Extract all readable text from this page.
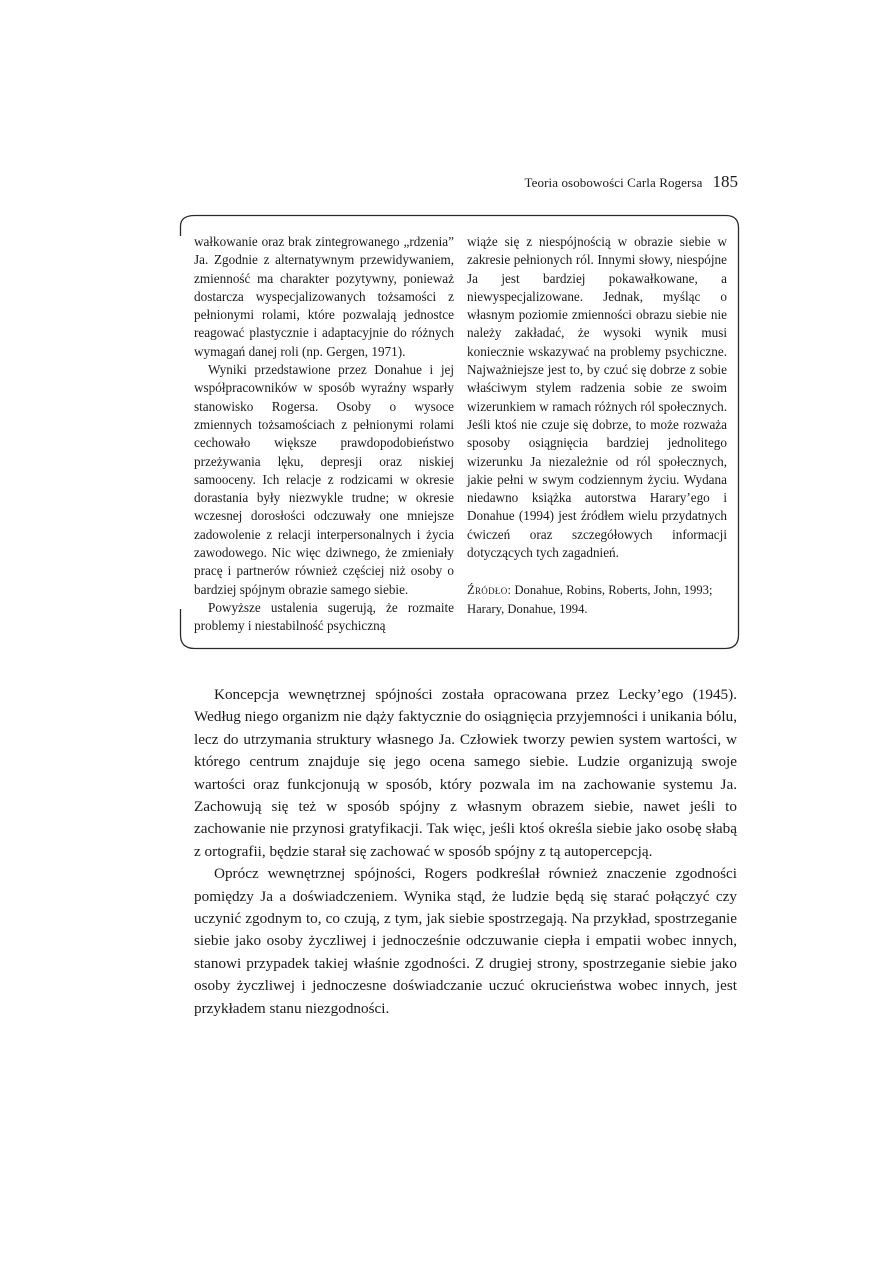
Teoria osobowości Carla Rogersa 185

wałkowanie oraz brak zintegrowanego „rdzenia” Ja. Zgodnie z alternatywnym przewidywaniem, zmienność ma charakter pozytywny, ponieważ dostarcza wyspecjalizowanych tożsamości z pełnionymi rolami, które pozwalają jednostce reagować plastycznie i adaptacyjnie do różnych wymagań danej roli (np. Gergen, 1971).

Wyniki przedstawione przez Donahue i jej współpracowników w sposób wyraźny wsparły stanowisko Rogersa. Osoby o wysoce zmiennych tożsamościach z pełnionymi rolami cechowało większe prawdopodobieństwo przeżywania lęku, depresji oraz niskiej samooceny. Ich relacje z rodzicami w okresie dorastania były niezwykle trudne; w okresie wczesnej dorosłości odczuwały one mniejsze zadowolenie z relacji interpersonalnych i życia zawodowego. Nic więc dziwnego, że zmieniały pracę i partnerów również częściej niż osoby o bardziej spójnym obrazie samego siebie.

Powyższe ustalenia sugerują, że rozmaite problemy i niestabilność psychiczną

wiąże się z niespójnością w obrazie siebie w zakresie pełnionych ról. Innymi słowy, niespójne Ja jest bardziej pokawałkowane, a niewyspecjalizowane. Jednak, myśląc o własnym poziomie zmienności obrazu siebie nie należy zakładać, że wysoki wynik musi koniecznie wskazywać na problemy psychiczne. Najważniejsze jest to, by czuć się dobrze z sobie właściwym stylem radzenia sobie ze swoim wizerunkiem w ramach różnych ról społecznych. Jeśli ktoś nie czuje się dobrze, to może rozważa sposoby osiągnięcia bardziej jednolitego wizerunku Ja niezależnie od ról społecznych, jakie pełni w swym codziennym życiu. Wydana niedawno książka autorstwa Harary’ego i Donahue (1994) jest źródłem wielu przydatnych ćwiczeń oraz szczegółowych informacji dotyczących tych zagadnień.

Źródło: Donahue, Robins, Roberts, John, 1993; Harary, Donahue, 1994.

Koncepcja wewnętrznej spójności została opracowana przez Lecky’ego (1945). Według niego organizm nie dąży faktycznie do osiągnięcia przyjemności i unikania bólu, lecz do utrzymania struktury własnego Ja. Człowiek tworzy pewien system wartości, w którego centrum znajduje się jego ocena samego siebie. Ludzie organizują swoje wartości oraz funkcjonują w sposób, który pozwala im na zachowanie systemu Ja. Zachowują się też w sposób spójny z własnym obrazem siebie, nawet jeśli to zachowanie nie przynosi gratyfikacji. Tak więc, jeśli ktoś określa siebie jako osobę słabą z ortografii, będzie starał się zachować w sposób spójny z tą autopercepcją.

Oprócz wewnętrznej spójności, Rogers podkreślał również znaczenie zgodności pomiędzy Ja a doświadczeniem. Wynika stąd, że ludzie będą się starać połączyć czy uczynić zgodnym to, co czują, z tym, jak siebie spostrzegają. Na przykład, spostrzeganie siebie jako osoby życzliwej i jednocześnie odczuwanie ciepła i empatii wobec innych, stanowi przypadek takiej właśnie zgodności. Z drugiej strony, spostrzeganie siebie jako osoby życzliwej i jednoczesne doświadczanie uczuć okrucieństwa wobec innych, jest przykładem stanu niezgodności.
